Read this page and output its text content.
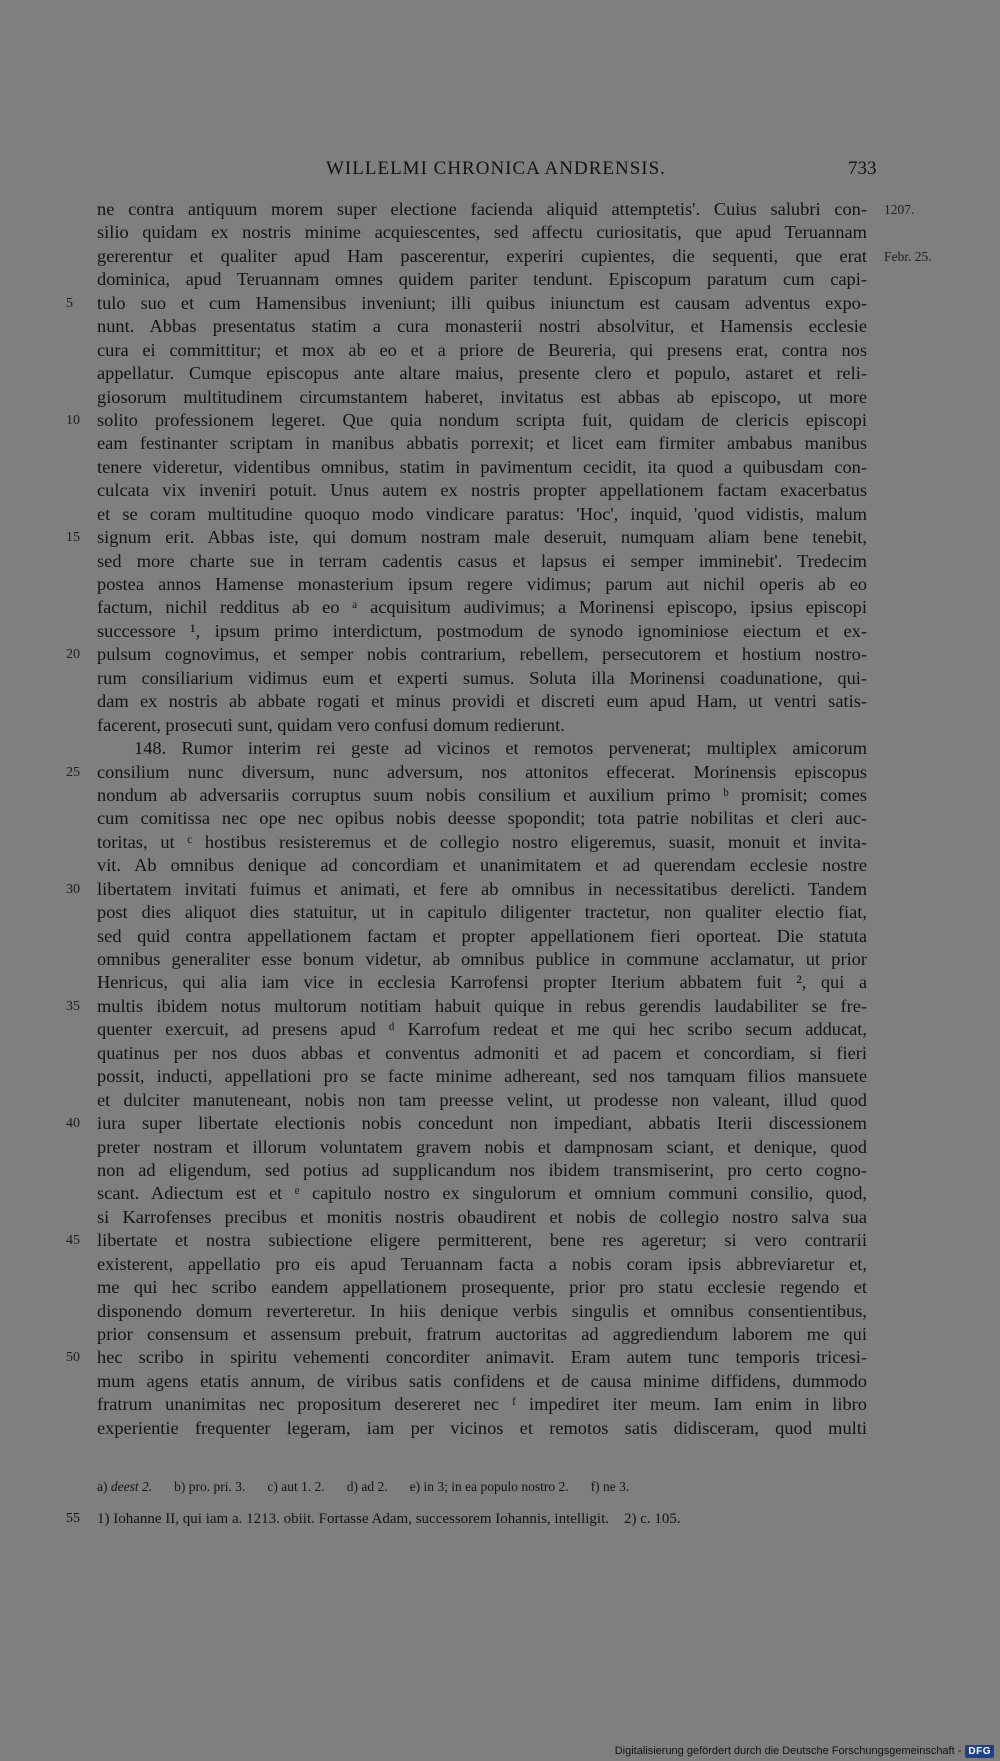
WILLELMI CHRONICA ANDRENSIS.	733
ne contra antiquum morem super electione facienda aliquid attemptetis'. Cuius salubri con- 1207.
silio quidam ex nostris minime acquiescentes, sed affectu curiositatis, que apud Teruannam
gererentur et qualiter apud Ham pascerentur, experiri cupientes, die sequenti, que erat Febr. 25.
dominica, apud Teruannam omnes quidem pariter tendunt. Episcopum paratum cum capi-
5 tulo suo et cum Hamensibus inveniunt; illi quibus iniunctum est causam adventus expo-
nunt. Abbas presentatus statim a cura monasterii nostri absolvitur, et Hamensis ecclesie
cura ei committitur; et mox ab eo et a priore de Beureria, qui presens erat, contra nos
appellatur. Cumque episcopus ante altare maius, presente clero et populo, astaret et reli-
giosorum multitudinem circumstantem haberet, invitatus est abbas ab episcopo, ut more
10 solito professionem legeret. Que quia nondum scripta fuit, quidam de clericis episcopi
eam festinanter scriptam in manibus abbatis porrexit; et licet eam firmiter ambabus manibus
tenere videretur, videntibus omnibus, statim in pavimentum cecidit, ita quod a quibusdam con-
culcata vix inveniri potuit. Unus autem ex nostris propter appellationem factam exacerbatus
et se coram multitudine quoquo modo vindicare paratus: 'Hoc', inquid, 'quod vidistis, malum
15 signum erit. Abbas iste, qui domum nostram male deseruit, numquam aliam bene tenebit,
sed more charte sue in terram cadentis casus et lapsus ei semper imminebit'. Tredecim
postea annos Hamense monasterium ipsum regere vidimus; parum aut nichil operis ab eo
factum, nichil redditus ab eo ᵃ acquisitum audivimus; a Morinensi episcopo, ipsius episcopi
successore ¹, ipsum primo interdictum, postmodum de synodo ignominiose eiectum et ex-
20 pulsum cognovimus, et semper nobis contrarium, rebellem, persecutorem et hostium nostro-
rum consiliarium vidimus eum et experti sumus. Soluta illa Morinensi coadunatione, qui-
dam ex nostris ab abbate rogati et minus providi et discreti eum apud Ham, ut ventri satis-
facerent, prosecuti sunt, quidam vero confusi domum redierunt.
148. Rumor interim rei geste ad vicinos et remotos pervenerat; multiplex amicorum
25 consilium nunc diversum, nunc adversum, nos attonitos effecerat. Morinensis episcopus
nondum ab adversariis corruptus suum nobis consilium et auxilium primo ᵇ promisit; comes
cum comitissa nec ope nec opibus nobis deesse spopondit; tota patrie nobilitas et cleri auc-
toritas, ut ᶜ hostibus resisteremus et de collegio nostro eligeremus, suasit, monuit et invita-
vit. Ab omnibus denique ad concordiam et unanimitatem et ad querendam ecclesie nostre
30 libertatem invitati fuimus et animati, et fere ab omnibus in necessitatibus derelicti. Tandem
post dies aliquot dies statuitur, ut in capitulo diligenter tractetur, non qualiter electio fiat,
sed quid contra appellationem factam et propter appellationem fieri oporteat. Die statuta
omnibus generaliter esse bonum videtur, ab omnibus publice in commune acclamatur, ut prior
Henricus, qui alia iam vice in ecclesia Karrofensi propter Iterium abbatem fuit ², qui a
35 multis ibidem notus multorum notitiam habuit quique in rebus gerendis laudabiliter se fre-
quenter exercuit, ad presens apud ᵈ Karrofum redeat et me qui hec scribo secum adducat,
quatinus per nos duos abbas et conventus admoniti et ad pacem et concordiam, si fieri
possit, inducti, appellationi pro se facte minime adhereant, sed nos tamquam filios mansuete
et dulciter manuteneant, nobis non tam preesse velint, ut prodesse non valeant, illud quod
40 iura super libertate electionis nobis concedunt non impediant, abbatis Iterii discessionem
preter nostram et illorum voluntatem gravem nobis et dampnosam sciant, et denique, quod
non ad eligendum, sed potius ad supplicandum nos ibidem transmiserint, pro certo cogno-
scant. Adiectum est et ᵉ capitulo nostro ex singulorum et omnium communi consilio, quod,
si Karrofenses precibus et monitis nostris obaudirent et nobis de collegio nostro salva sua
45 libertate et nostra subiectione eligere permitterent, bene res ageretur; si vero contrarii
existerent, appellatio pro eis apud Teruannam facta a nobis coram ipsis abbreviaretur et,
me qui hec scribo eandem appellationem prosequente, prior pro statu ecclesie regendo et
disponendo domum reverteretur. In hiis denique verbis singulis et omnibus consentientibus,
prior consensum et assensum prebuit, fratrum auctoritas ad aggrediendum laborem me qui
50 hec scribo in spiritu vehementi concorditer animavit. Eram autem tunc temporis tricesi-
mum agens etatis annum, de viribus satis confidens et de causa minime diffidens, dummodo
fratrum unanimitas nec propositum desereret nec ᶠ impediret iter meum. Iam enim in libro
experientie frequenter legeram, iam per vicinos et remotos satis didisceram, quod multi
a) deest 2. b) pro. pri. 3. c) aut 1. 2. d) ad 2. e) in 3; in ea populo nostro 2. f) ne 3.
55 1) Iohanne II, qui iam a. 1213. obiit. Fortasse Adam, successorem Iohannis, intelligit.    2) c. 105.
Digitalisierung gefördert durch die Deutsche Forschungsgemeinschaft - DFG
